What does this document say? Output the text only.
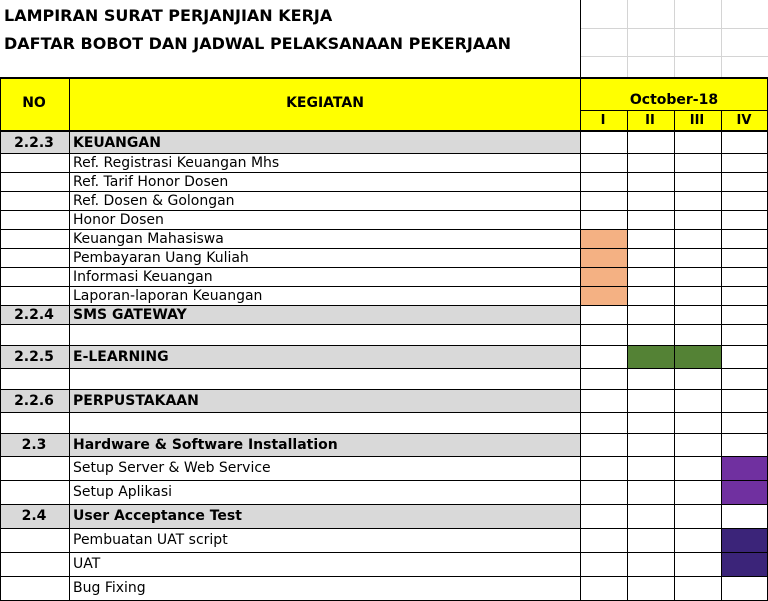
LAMPIRAN SURAT PERJANJIAN KERJA
DAFTAR BOBOT DAN JADWAL PELAKSANAAN PEKERJAAN
NO	KEGIATAN	October-18
I	II	III	IV
2.2.3	KEUANGAN
Ref. Registrasi Keuangan Mhs
Ref. Tarif Honor Dosen
Ref. Dosen & Golongan
Honor Dosen
Keuangan Mahasiswa
Pembayaran Uang Kuliah
Informasi Keuangan
Laporan-laporan Keuangan
2.2.4	SMS GATEWAY
2.2.5	E-LEARNING
2.2.6	PERPUSTAKAAN
2.3	Hardware & Software Installation
Setup Server & Web Service
Setup Aplikasi
2.4	User Acceptance Test
Pembuatan UAT script
UAT
Bug Fixing
